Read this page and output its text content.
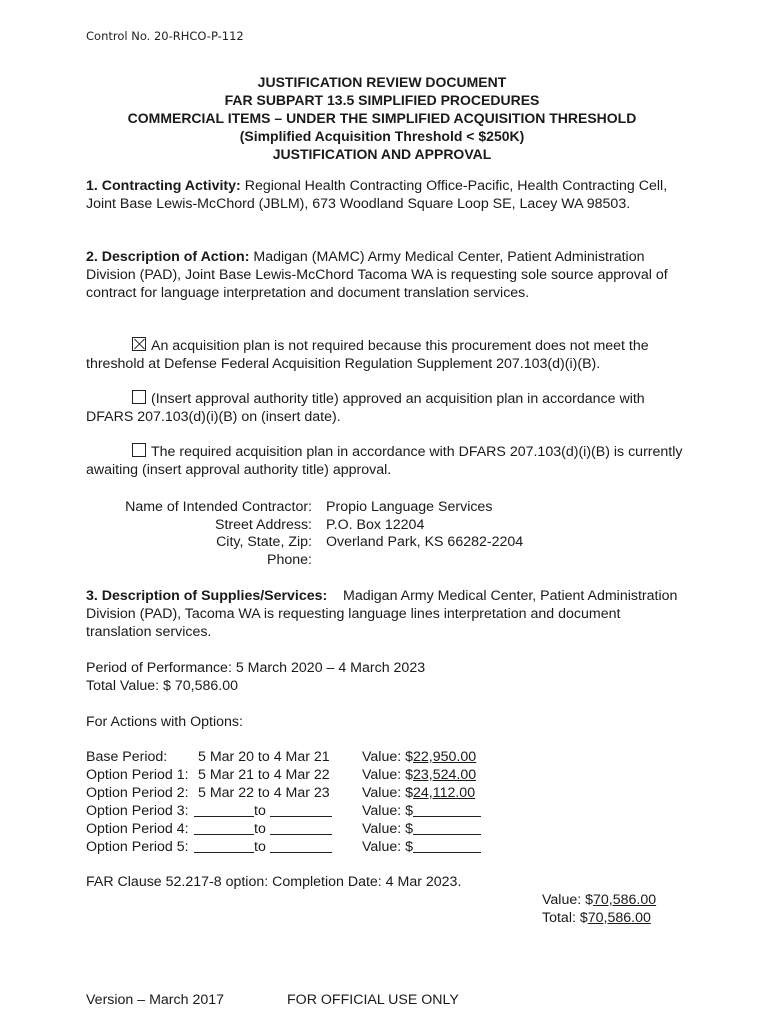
Control No. 20-RHCO-P-112
JUSTIFICATION REVIEW DOCUMENT
FAR SUBPART 13.5 SIMPLIFIED PROCEDURES
COMMERCIAL ITEMS – UNDER THE SIMPLIFIED ACQUISITION THRESHOLD
(Simplified Acquisition Threshold < $250K)
JUSTIFICATION AND APPROVAL
1. Contracting Activity: Regional Health Contracting Office-Pacific, Health Contracting Cell, Joint Base Lewis-McChord (JBLM), 673 Woodland Square Loop SE, Lacey WA 98503.
2. Description of Action: Madigan (MAMC) Army Medical Center, Patient Administration Division (PAD), Joint Base Lewis-McChord Tacoma WA is requesting sole source approval of contract for language interpretation and document translation services.
An acquisition plan is not required because this procurement does not meet the threshold at Defense Federal Acquisition Regulation Supplement 207.103(d)(i)(B).
(Insert approval authority title) approved an acquisition plan in accordance with DFARS 207.103(d)(i)(B) on (insert date).
The required acquisition plan in accordance with DFARS 207.103(d)(i)(B) is currently awaiting (insert approval authority title) approval.
Name of Intended Contractor: Propio Language Services
Street Address: P.O. Box 12204
City, State, Zip: Overland Park, KS 66282-2204
Phone:
3. Description of Supplies/Services:    Madigan Army Medical Center, Patient Administration Division (PAD), Tacoma WA is requesting language lines interpretation and document translation services.
Period of Performance: 5 March 2020 – 4 March 2023
Total Value: $ 70,586.00
For Actions with Options:
Base Period: 5 Mar 20 to 4 Mar 21 Value: $22,950.00
Option Period 1: 5 Mar 21 to 4 Mar 22 Value: $23,524.00
Option Period 2: 5 Mar 22 to 4 Mar 23 Value: $24,112.00
Option Period 3:	to	Value: $
Option Period 4:	to	Value: $
Option Period 5:	to	Value: $
FAR Clause 52.217-8 option: Completion Date: 4 Mar 2023.
Value: $70,586.00
Total: $70,586.00
Version – March 2017	FOR OFFICIAL USE ONLY
